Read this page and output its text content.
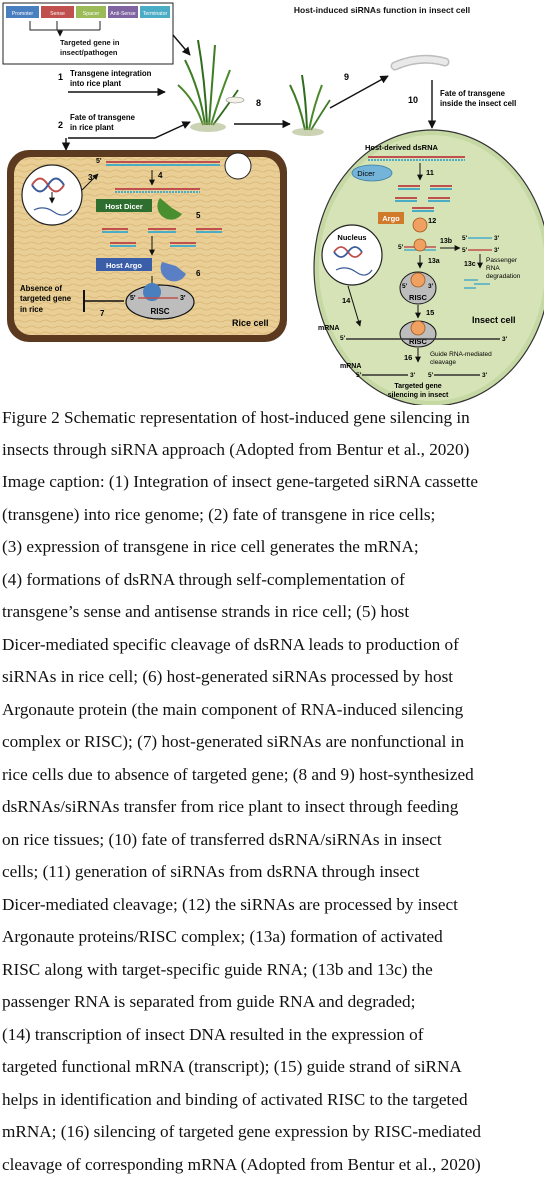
Promoter	Sense	Spacer Anti-Sense Terminator
Targeted gene in
insect/pathogen
Host-induced siRNAs function in insect cell
1 Transgene integration
into rice plant
2
Fate of transgene
in rice plant
8
9
10
Fate of transgene
inside the insect cell
3
5'
4
Host Dicer
5
Host Argo
6
5'	3'
RISC
Absence of
targeted gene
in rice	7
Rice cell
Host-derived dsRNA
Dicer	11
Argo	12
Nucleus
14
5'
13b 5'	3'
5'	3'
13c
Passenger
RNA
degradation
13a
5'	3'
RISC
15
RISC
mRNA
5'	3'
Insect cell
16	Guide RNA-mediated
cleavage
mRNA
5'	3' 5'	3'
Targeted gene
silencing in insect
Figure 2 Schematic representation of host-induced gene silencing in
insects through siRNA approach (Adopted from Bentur et al., 2020)
Image caption: (1) Integration of insect gene-targeted siRNA cassette
(transgene) into rice genome; (2) fate of transgene in rice cells;
(3) expression of transgene in rice cell generates the mRNA;
(4) formations of dsRNA through self-complementation of
transgene’s sense and antisense strands in rice cell; (5) host
Dicer-mediated specific cleavage of dsRNA leads to production of
siRNAs in rice cell; (6) host-generated siRNAs processed by host
Argonaute protein (the main component of RNA-induced silencing
complex or RISC); (7) host-generated siRNAs are nonfunctional in
rice cells due to absence of targeted gene; (8 and 9) host-synthesized
dsRNAs/siRNAs transfer from rice plant to insect through feeding
on rice tissues; (10) fate of transferred dsRNA/siRNAs in insect
cells; (11) generation of siRNAs from dsRNA through insect
Dicer-mediated cleavage; (12) the siRNAs are processed by insect
Argonaute proteins/RISC complex; (13a) formation of activated
RISC along with target-specific guide RNA; (13b and 13c) the
passenger RNA is separated from guide RNA and degraded;
(14) transcription of insect DNA resulted in the expression of
targeted functional mRNA (transcript); (15) guide strand of siRNA
helps in identification and binding of activated RISC to the targeted
mRNA; (16) silencing of targeted gene expression by RISC-mediated
cleavage of corresponding mRNA (Adopted from Bentur et al., 2020)
